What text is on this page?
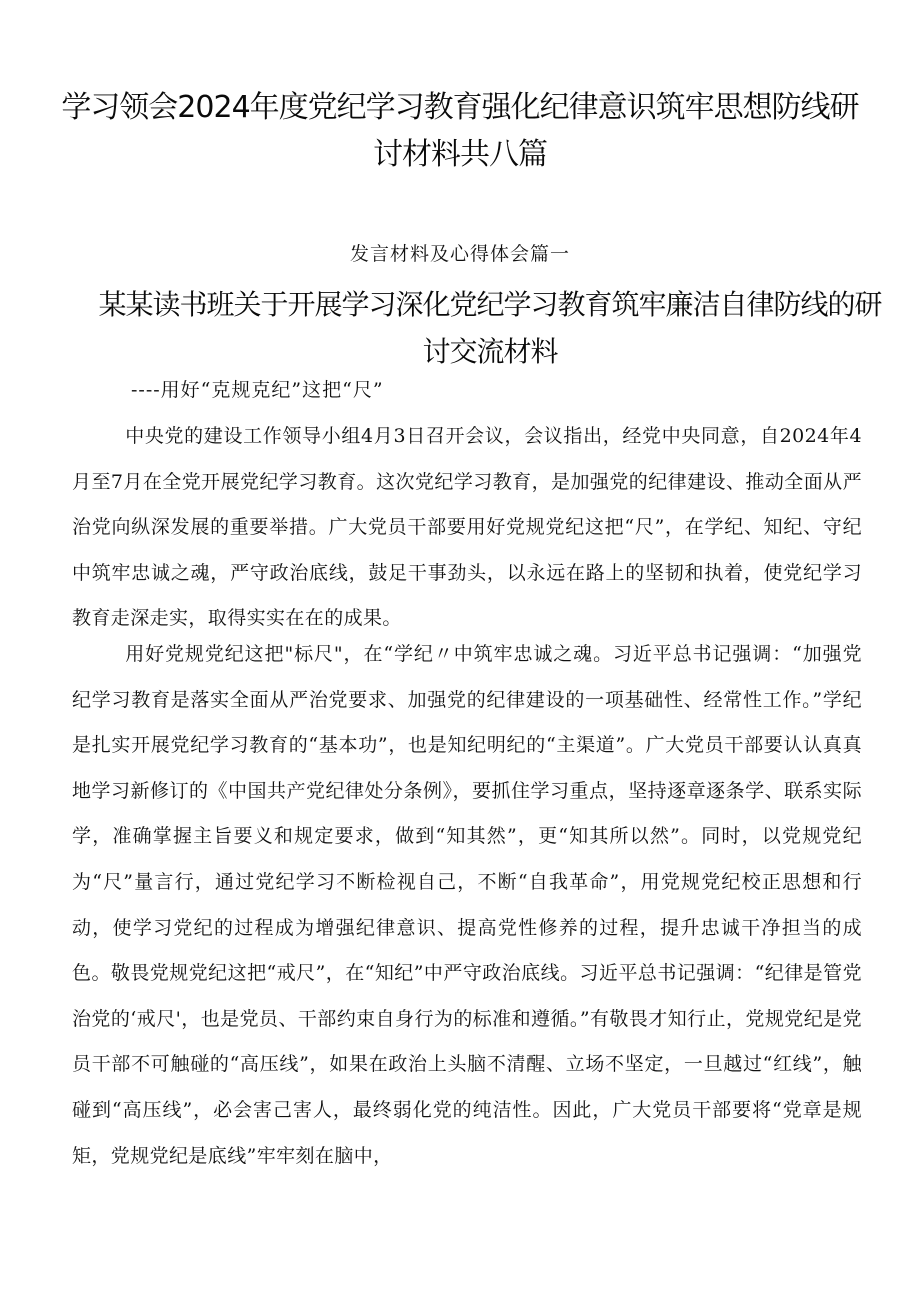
学习领会2024年度党纪学习教育强化纪律意识筑牢思想防线研讨材料共八篇
发言材料及心得体会篇一
某某读书班关于开展学习深化党纪学习教育筑牢廉洁自律防线的研讨交流材料
----用好“克规克纪”这把“尺”

中央党的建设工作领导小组4月3日召开会议，会议指出，经党中央同意，自2024年4月至7月在全党开展党纪学习教育。这次党纪学习教育，是加强党的纪律建设、推动全面从严治党向纵深发展的重要举措。广大党员干部要用好党规党纪这把“尺”，在学纪、知纪、守纪中筑牢忠诚之魂，严守政治底线，鼓足干事劲头，以永远在路上的坚韧和执着，使党纪学习教育走深走实，取得实实在在的成果。

用好党规党纪这把"标尺"，在“学纪〃中筑牢忠诚之魂。习近平总书记强调：“加强党纪学习教育是落实全面从严治党要求、加强党的纪律建设的一项基础性、经常性工作。”学纪是扎实开展党纪学习教育的“基本功”，也是知纪明纪的“主渠道”。广大党员干部要认认真真地学习新修订的《中国共产党纪律处分条例》，要抓住学习重点，坚持逐章逐条学、联系实际学，准确掌握主旨要义和规定要求，做到“知其然”，更“知其所以然”。同时，以党规党纪为“尺”量言行，通过党纪学习不断检视自己，不断“自我革命”，用党规党纪校正思想和行动，使学习党纪的过程成为增强纪律意识、提高党性修养的过程，提升忠诚干净担当的成色。敬畏党规党纪这把“戒尺”，在“知纪”中严守政治底线。习近平总书记强调：“纪律是管党治党的‘戒尺'，也是党员、干部约束自身行为的标准和遵循。”有敬畏才知行止，党规党纪是党员干部不可触碰的“高压线”，如果在政治上头脑不清醒、立场不坚定，一旦越过“红线”，触碰到“高压线”，必会害己害人，最终弱化党的纯洁性。因此，广大党员干部要将“党章是规矩，党规党纪是底线”牢牢刻在脑中，
